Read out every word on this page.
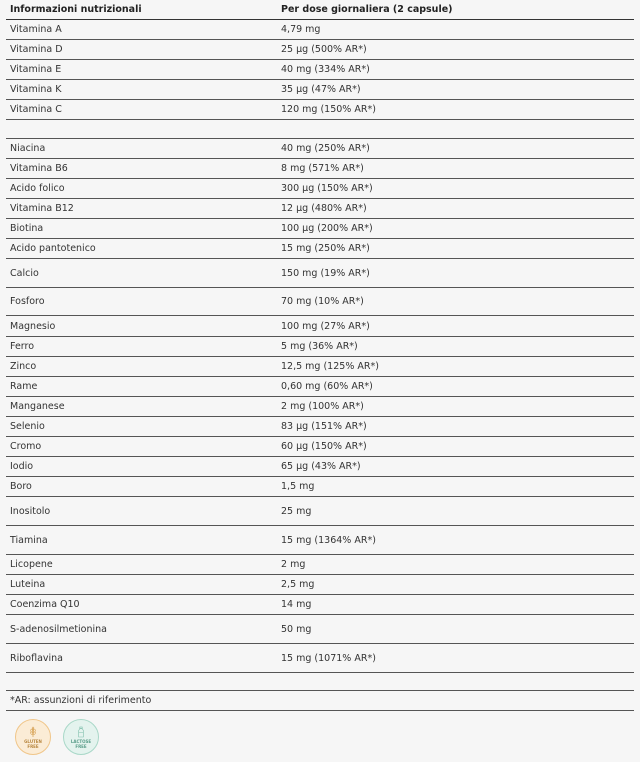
Informazioni nutrizionali	Per dose giornaliera (2 capsule)
Vitamina A	4,79 mg
Vitamina D	25 µg (500% AR*)
Vitamina E	40 mg (334% AR*)
Vitamina K	35 µg (47% AR*)
Vitamina C	120 mg (150% AR*)
Niacina	40 mg (250% AR*)
Vitamina B6	8 mg (571% AR*)
Acido folico	300 µg (150% AR*)
Vitamina B12	12 µg (480% AR*)
Biotina	100 µg (200% AR*)
Acido pantotenico	15 mg (250% AR*)
Calcio	150 mg (19% AR*)
Fosforo	70 mg (10% AR*)
Magnesio	100 mg (27% AR*)
Ferro	5 mg (36% AR*)
Zinco	12,5 mg (125% AR*)
Rame	0,60 mg (60% AR*)
Manganese	2 mg (100% AR*)
Selenio	83 µg (151% AR*)
Cromo	60 µg (150% AR*)
Iodio	65 µg (43% AR*)
Boro	1,5 mg
Inositolo	25 mg
Tiamina	15 mg (1364% AR*)
Licopene	2 mg
Luteina	2,5 mg
Coenzima Q10	14 mg
S-adenosilmetionina	50 mg
Riboflavina	15 mg (1071% AR*)
*AR: assunzioni di riferimento
GLUTEN
FREE
LACTOSE
FREE
